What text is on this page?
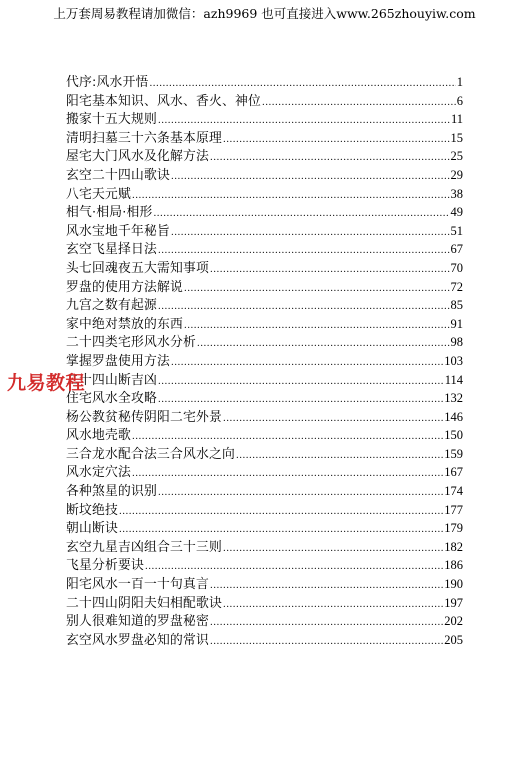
上万套周易教程请加微信：azh9969 也可直接进入www.265zhouyiw.com
代序:风水开悟 .....	1
阳宅基本知识、风水、香火、神位 .....	6
搬家十五大规则 .....	11
清明扫墓三十六条基本原理 .....	15
屋宅大门风水及化解方法 .....	25
玄空二十四山歌诀 .....	29
八宅天元赋 .....	38
相气·相局·相形 .....	49
风水宝地千年秘旨 .....	51
玄空飞星择日法 .....	67
头七回魂夜五大需知事项 .....	70
罗盘的使用方法解说 .....	72
九宫之数有起源 .....	85
家中绝对禁放的东西 .....	91
二十四类宅形风水分析 .....	98
掌握罗盘使用方法 .....	103
二十四山断吉凶 .....	114
住宅风水全攻略 .....	132
杨公教贫秘传阴阳二宅外景 .....	146
风水地壳歌 .....	150
三合龙水配合法三合风水之向 .....	159
风水定穴法 .....	167
各种煞星的识别 .....	174
断坟绝技 .....	177
朝山断诀 .....	179
玄空九星吉凶组合三十三则 .....	182
飞星分析要诀 .....	186
阳宅风水一百一十句真言 .....	190
二十四山阴阳夫妇相配歌诀 .....	197
别人很难知道的罗盘秘密 .....	202
玄空风水罗盘必知的常识 .....	205
九易教程
